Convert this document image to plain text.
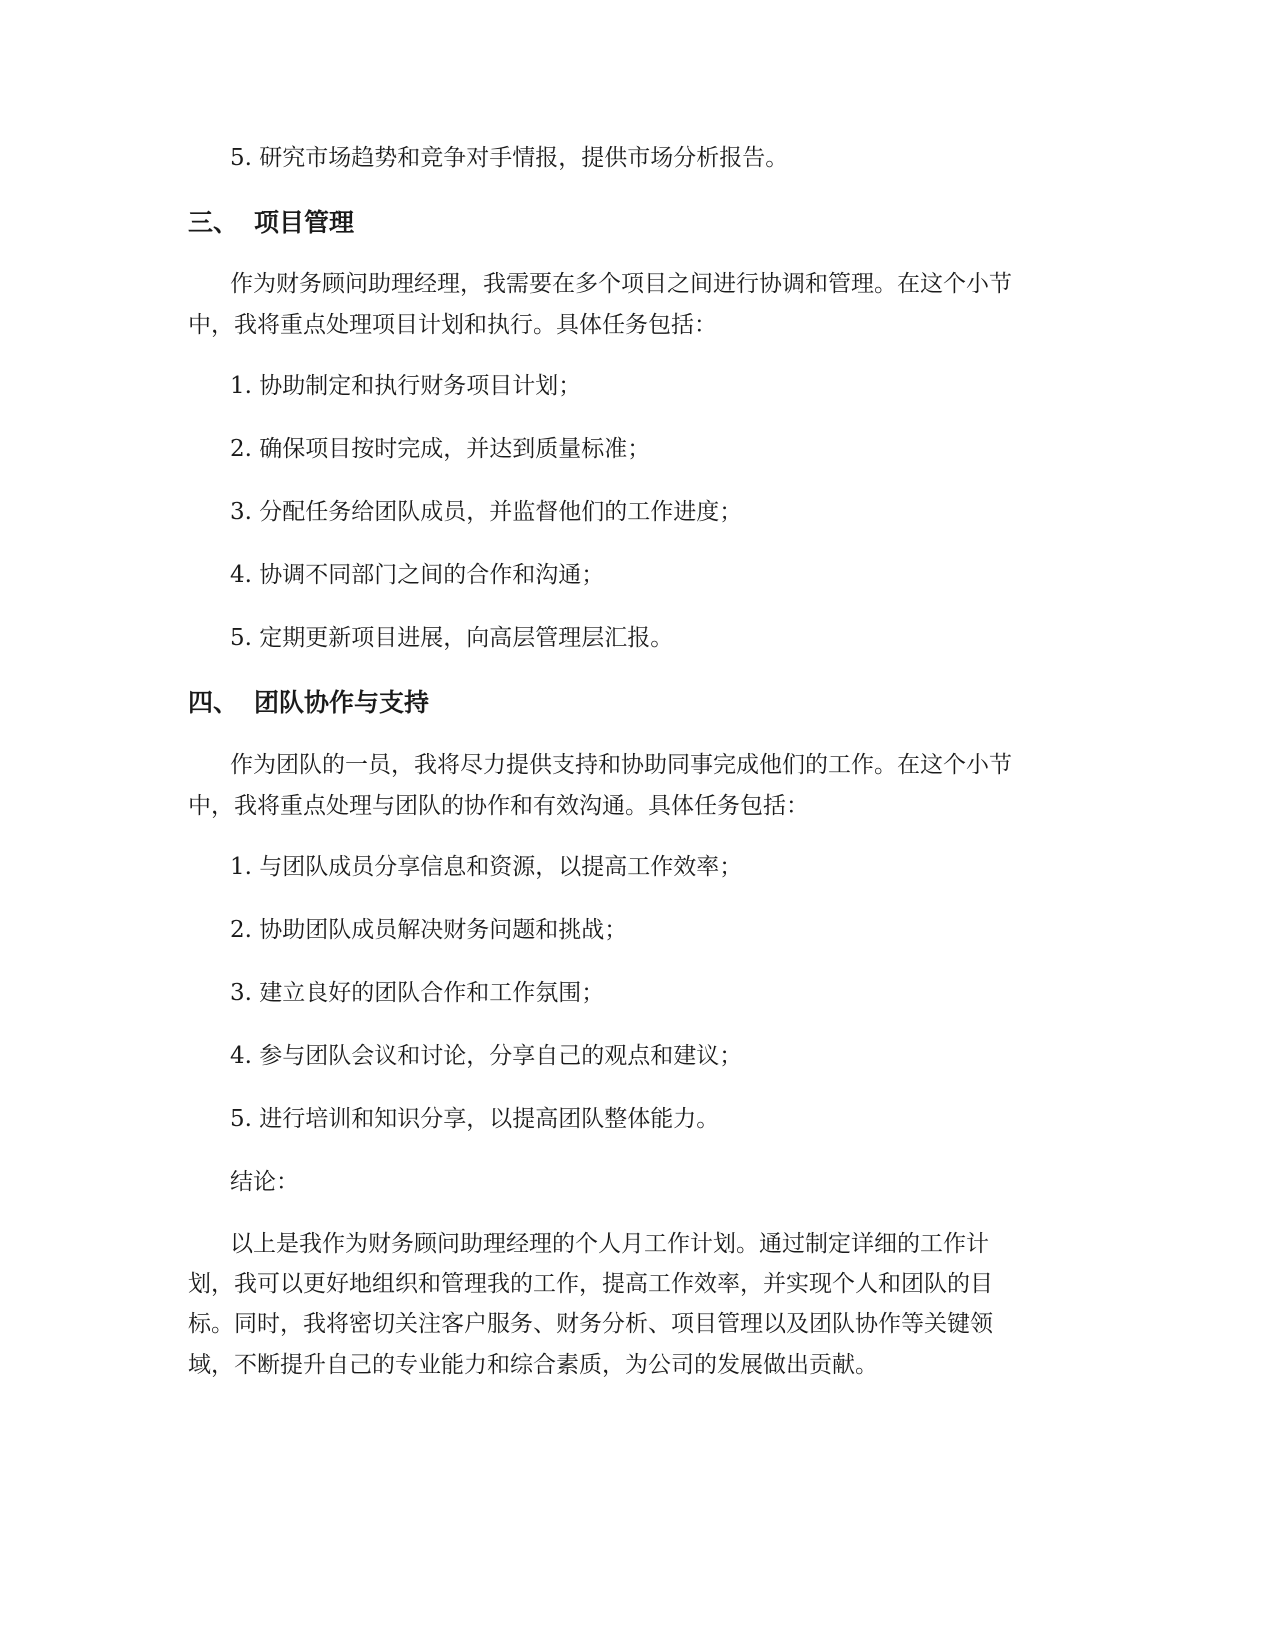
5. 研究市场趋势和竞争对手情报，提供市场分析报告。
三、 项目管理
作为财务顾问助理经理，我需要在多个项目之间进行协调和管理。在这个小节
中，我将重点处理项目计划和执行。具体任务包括：
1. 协助制定和执行财务项目计划；
2. 确保项目按时完成，并达到质量标准；
3. 分配任务给团队成员，并监督他们的工作进度；
4. 协调不同部门之间的合作和沟通；
5. 定期更新项目进展，向高层管理层汇报。
四、 团队协作与支持
作为团队的一员，我将尽力提供支持和协助同事完成他们的工作。在这个小节
中，我将重点处理与团队的协作和有效沟通。具体任务包括：
1. 与团队成员分享信息和资源，以提高工作效率；
2. 协助团队成员解决财务问题和挑战；
3. 建立良好的团队合作和工作氛围；
4. 参与团队会议和讨论，分享自己的观点和建议；
5. 进行培训和知识分享，以提高团队整体能力。
结论：
以上是我作为财务顾问助理经理的个人月工作计划。通过制定详细的工作计
划，我可以更好地组织和管理我的工作，提高工作效率，并实现个人和团队的目
标。同时，我将密切关注客户服务、财务分析、项目管理以及团队协作等关键领
域，不断提升自己的专业能力和综合素质，为公司的发展做出贡献。
